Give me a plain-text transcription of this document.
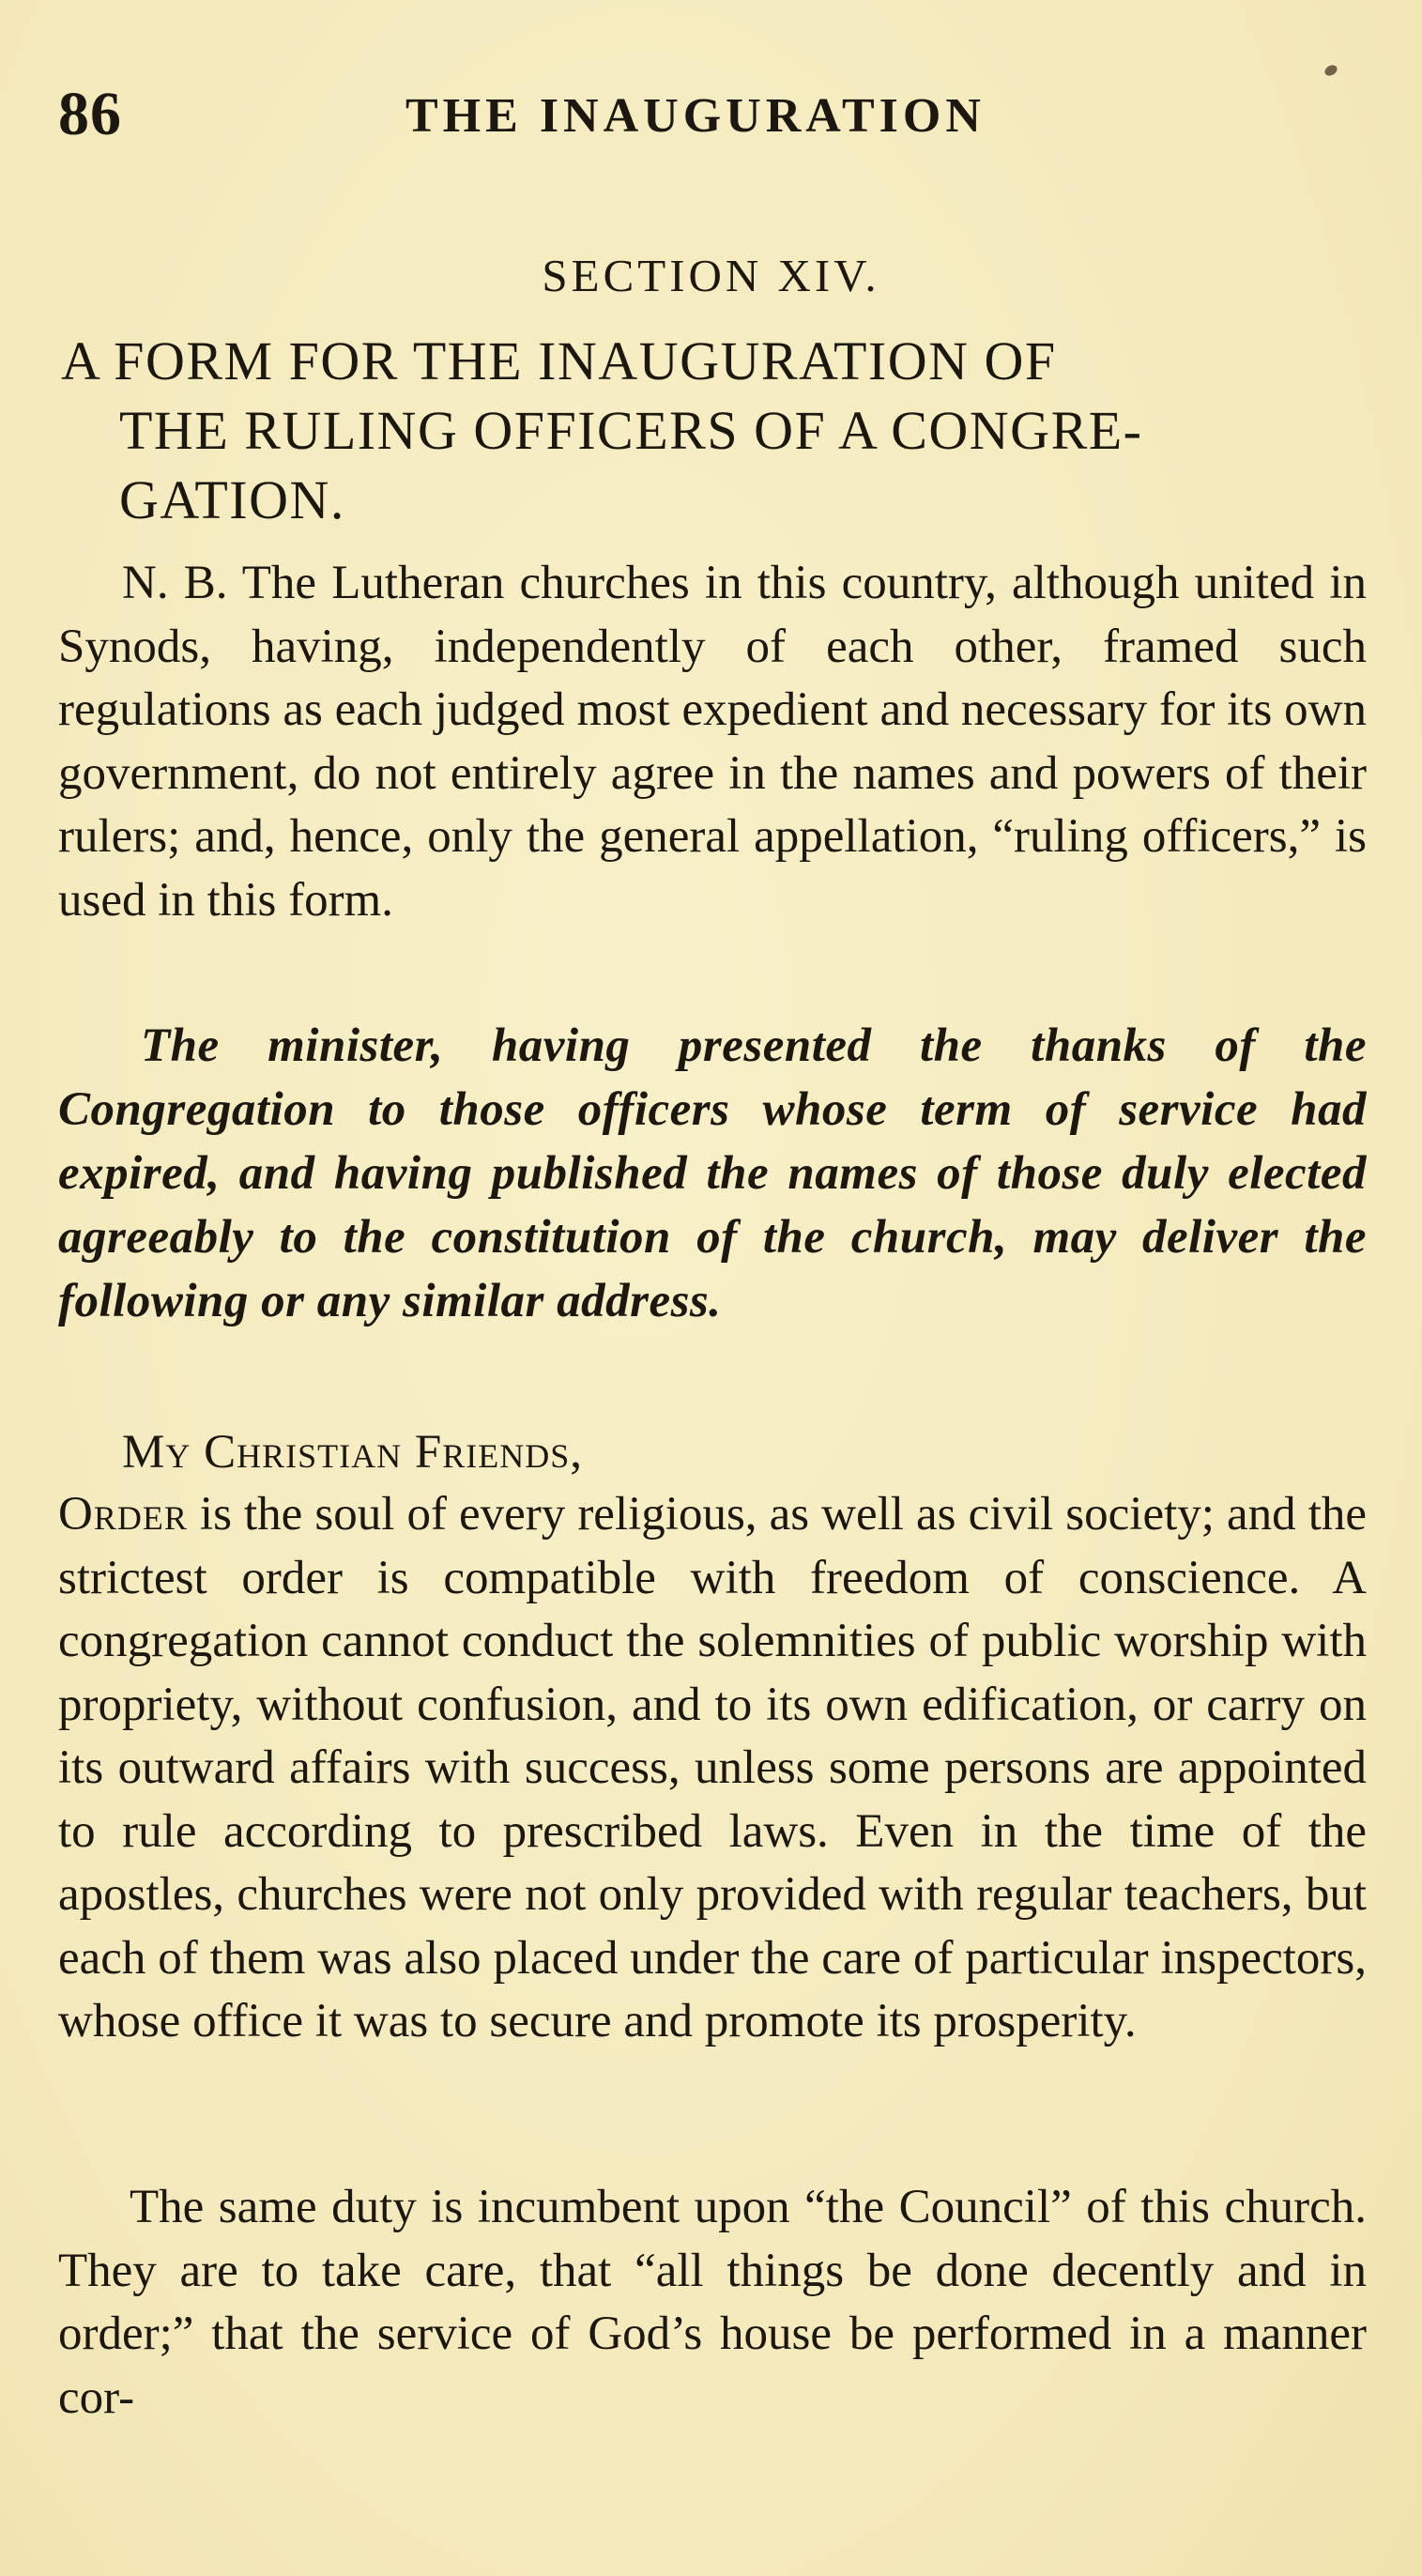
86	THE INAUGURATION
SECTION XIV.
A FORM FOR THE INAUGURATION OF
THE RULING OFFICERS OF A CONGRE-
GATION.

N. B. The Lutheran churches in this country, although united in Synods, having, independently of each other, framed such regulations as each judged most expedient and necessary for its own government, do not entirely agree in the names and powers of their rulers; and, hence, only the general appellation, “ruling officers,” is used in this form.

The minister, having presented the thanks of the Congregation to those officers whose term of service had expired, and having published the names of those duly elected agreeably to the constitution of the church, may deliver the following or any similar address.

My Christian Friends,

Order is the soul of every religious, as well as civil society; and the strictest order is compatible with freedom of conscience. A congregation cannot conduct the solemnities of public worship with propriety, without confusion, and to its own edification, or carry on its outward affairs with success, unless some persons are appointed to rule according to prescribed laws. Even in the time of the apostles, churches were not only provided with regular teachers, but each of them was also placed under the care of particular inspectors, whose office it was to secure and promote its prosperity.

The same duty is incumbent upon “the Council” of this church. They are to take care, that “all things be done decently and in order;” that the service of God’s house be performed in a manner cor-
